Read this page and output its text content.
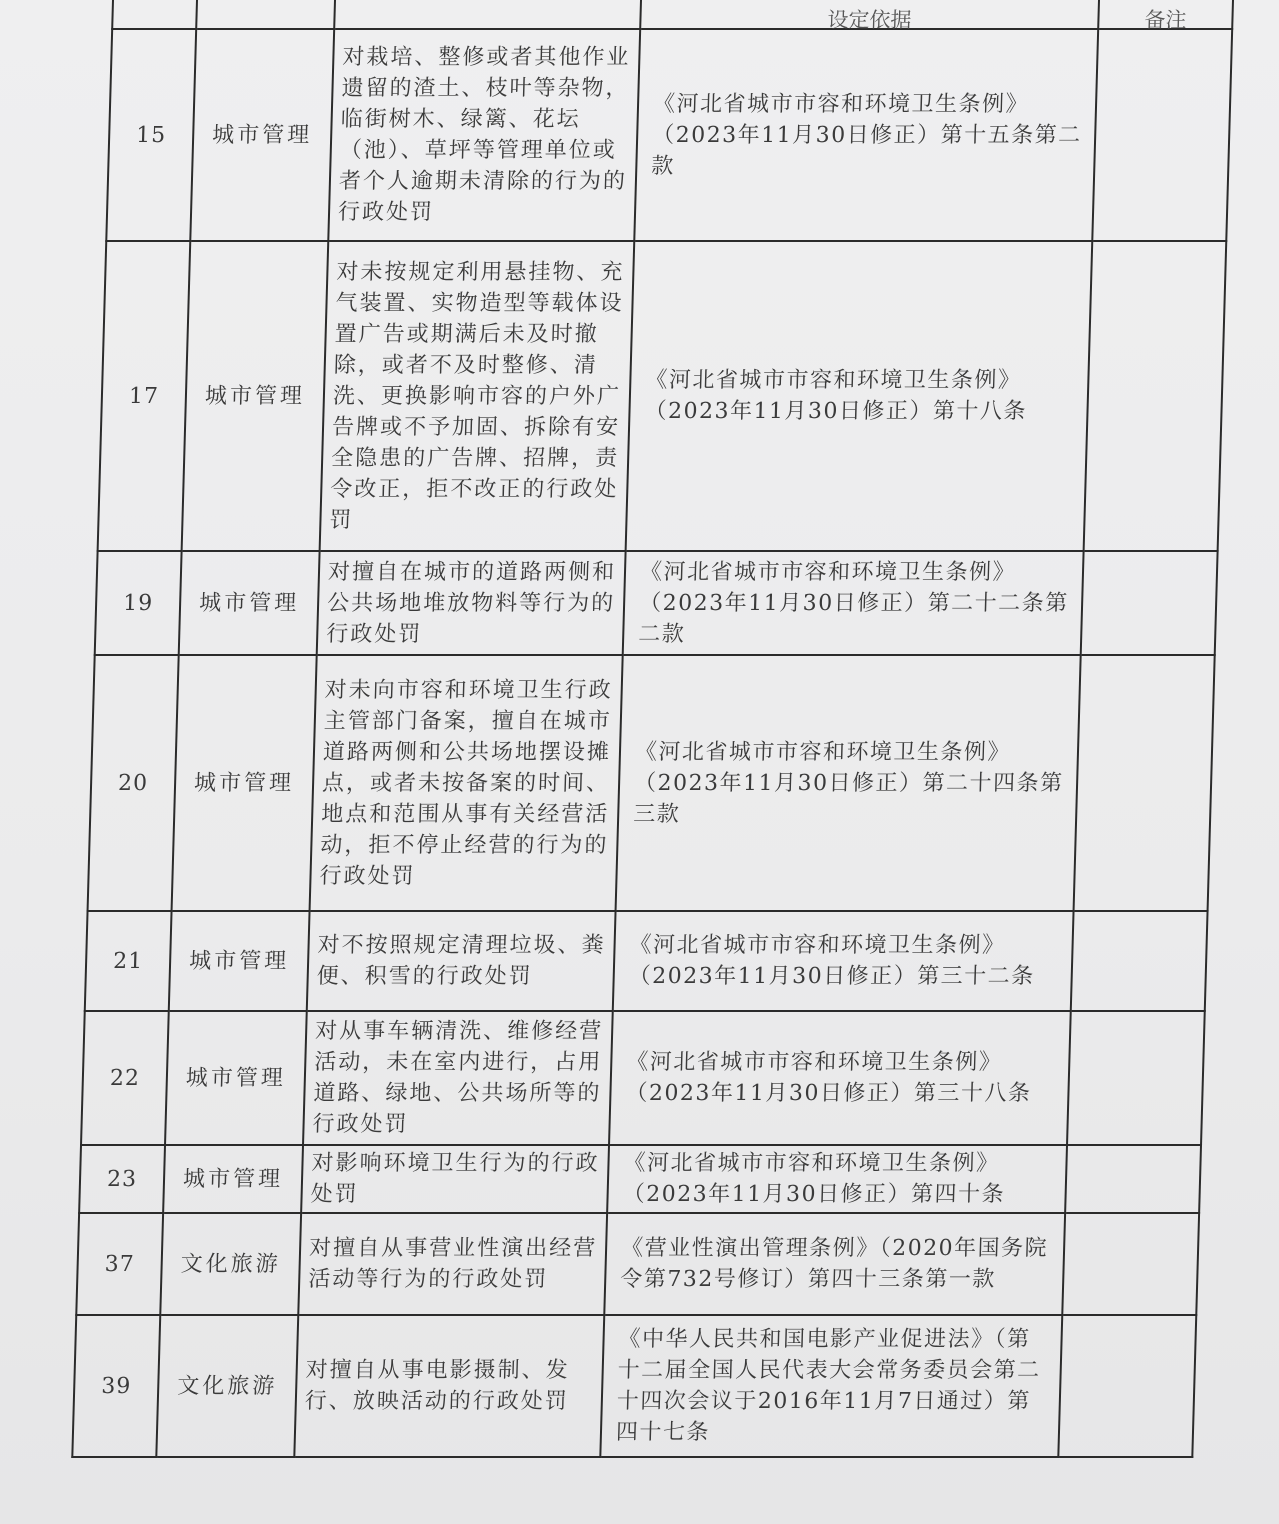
			设定依据	备注
15	城市管理	对栽培、整修或者其他作业遗留的渣土、枝叶等杂物，临街树木、绿篱、花坛（池）、草坪等管理单位或者个人逾期未清除的行为的行政处罚	《河北省城市市容和环境卫生条例》（2023年11月30日修正）第十五条第二款	
17	城市管理	对未按规定利用悬挂物、充气装置、实物造型等载体设置广告或期满后未及时撤除，或者不及时整修、清洗、更换影响市容的户外广告牌或不予加固、拆除有安全隐患的广告牌、招牌，责令改正，拒不改正的行政处罚	《河北省城市市容和环境卫生条例》（2023年11月30日修正）第十八条	
19	城市管理	对擅自在城市的道路两侧和公共场地堆放物料等行为的行政处罚	《河北省城市市容和环境卫生条例》（2023年11月30日修正）第二十二条第二款	
20	城市管理	对未向市容和环境卫生行政主管部门备案，擅自在城市道路两侧和公共场地摆设摊点，或者未按备案的时间、地点和范围从事有关经营活动，拒不停止经营的行为的行政处罚	《河北省城市市容和环境卫生条例》（2023年11月30日修正）第二十四条第三款	
21	城市管理	对不按照规定清理垃圾、粪便、积雪的行政处罚	《河北省城市市容和环境卫生条例》（2023年11月30日修正）第三十二条	
22	城市管理	对从事车辆清洗、维修经营活动，未在室内进行，占用道路、绿地、公共场所等的行政处罚	《河北省城市市容和环境卫生条例》（2023年11月30日修正）第三十八条	
23	城市管理	对影响环境卫生行为的行政处罚	《河北省城市市容和环境卫生条例》（2023年11月30日修正）第四十条	
37	文化旅游	对擅自从事营业性演出经营活动等行为的行政处罚	《营业性演出管理条例》（2020年国务院令第732号修订）第四十三条第一款	
39	文化旅游	对擅自从事电影摄制、发行、放映活动的行政处罚	《中华人民共和国电影产业促进法》（第十二届全国人民代表大会常务委员会第二十四次会议于2016年11月7日通过）第四十七条	
